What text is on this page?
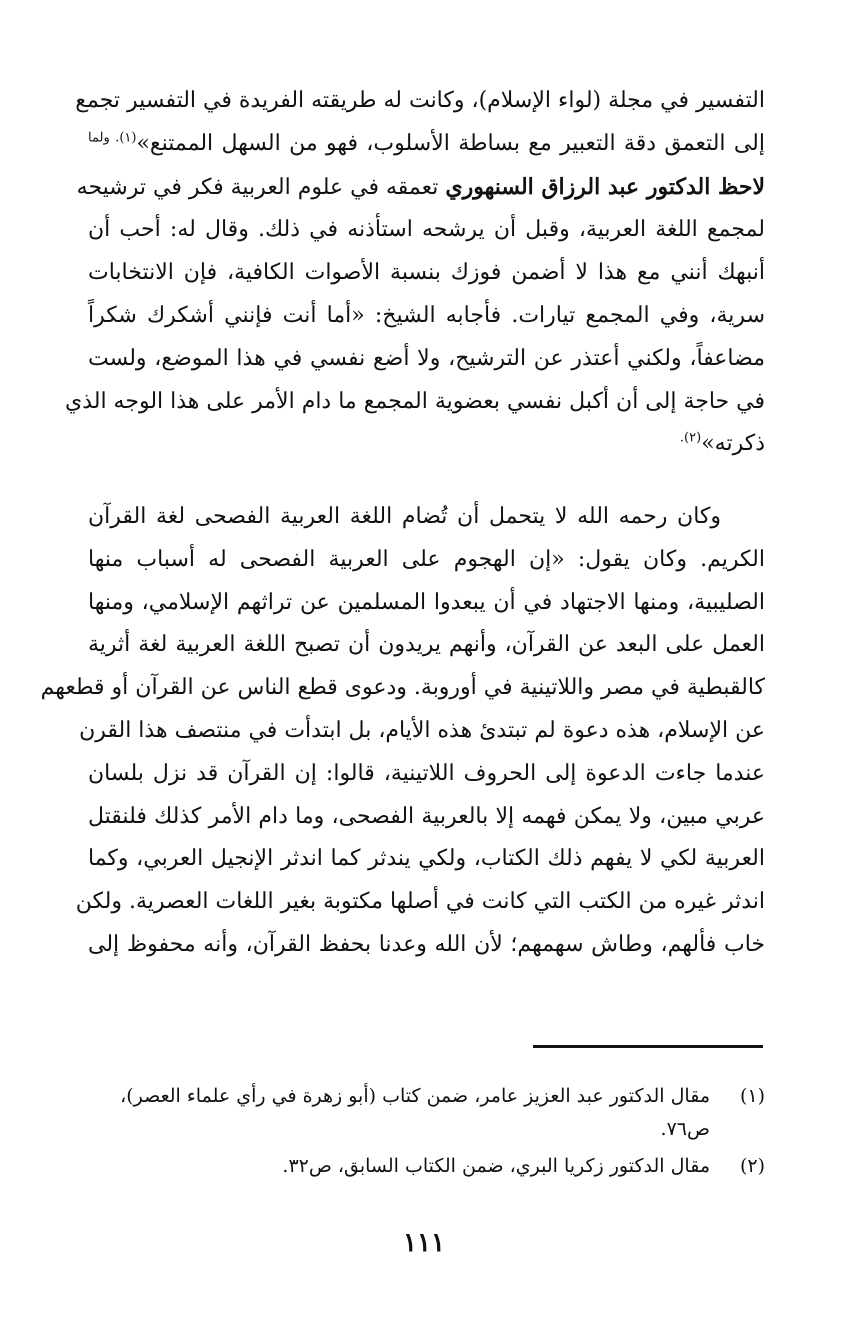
التفسير في مجلة (لواء الإسلام)، وكانت له طريقته الفريدة في التفسير تجمع
إلى التعمق دقة التعبير مع بساطة الأسلوب، فهو من السهل الممتنع»$^{(١). ولما}$
لاحظ الدكتور عبد الرزاق السنهوري تعمقه في علوم العربية فكر في ترشيحه
لمجمع اللغة العربية، وقبل أن يرشحه استأذنه في ذلك. وقال له: أحب أن
أنبهك أنني مع هذا لا أضمن فوزك بنسبة الأصوات الكافية، فإن الانتخابات
سرية، وفي المجمع تيارات. فأجابه الشيخ: «أما أنت فإنني أشكرك شكراً
مضاعفاً، ولكني أعتذر عن الترشيح، ولا أضع نفسي في هذا الموضع، ولست
في حاجة إلى أن أكبل نفسي بعضوية المجمع ما دام الأمر على هذا الوجه الذي
ذكرته»$^{(٢).}$
وكان رحمه الله لا يتحمل أن تُضام اللغة العربية الفصحى لغة القرآن
الكريم. وكان يقول: «إن الهجوم على العربية الفصحى له أسباب منها
الصليبية، ومنها الاجتهاد في أن يبعدوا المسلمين عن تراثهم الإسلامي، ومنها
العمل على البعد عن القرآن، وأنهم يريدون أن تصبح اللغة العربية لغة أثرية
كالقبطية في مصر واللاتينية في أوروبة. ودعوى قطع الناس عن القرآن أو قطعهم
عن الإسلام، هذه دعوة لم تبتدئ هذه الأيام، بل ابتدأت في منتصف هذا القرن
عندما جاءت الدعوة إلى الحروف اللاتينية، قالوا: إن القرآن قد نزل بلسان
عربي مبين، ولا يمكن فهمه إلا بالعربية الفصحى، وما دام الأمر كذلك فلنقتل
العربية لكي لا يفهم ذلك الكتاب، ولكي يندثر كما اندثر الإنجيل العربي، وكما
اندثر غيره من الكتب التي كانت في أصلها مكتوبة بغير اللغات العصرية. ولكن
خاب فألهم، وطاش سهمهم؛ لأن الله وعدنا بحفظ القرآن، وأنه محفوظ إلى
(١)
مقال الدكتور عبد العزيز عامر، ضمن كتاب (أبو زهرة في رأي علماء العصر)، ص٧٦.
(٢)
مقال الدكتور زكريا البري، ضمن الكتاب السابق، ص٣٢.
١١١
